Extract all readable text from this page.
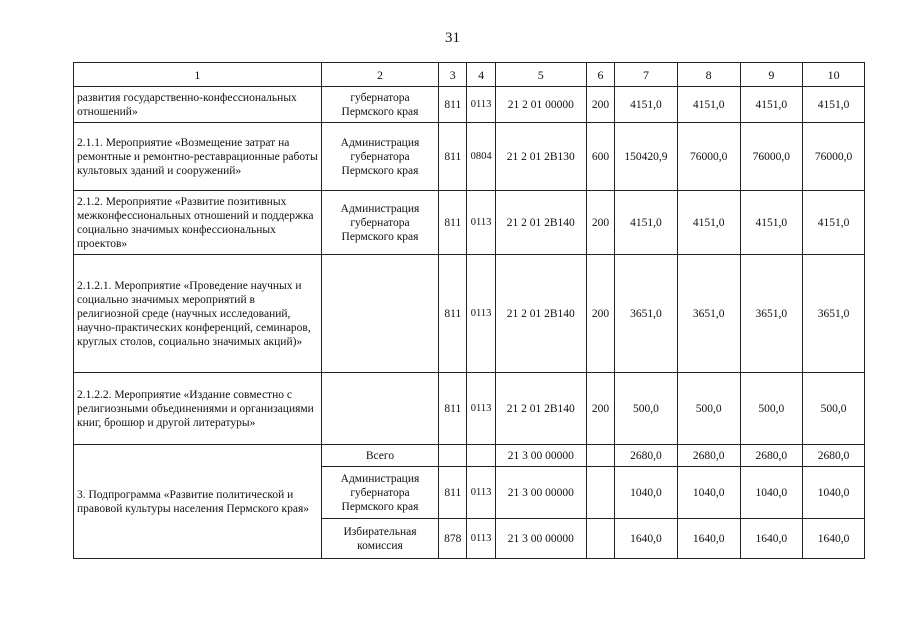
31
1	2	3	4	5	6	7	8	9	10
развития государственно-конфессиональных отношений»	губернатора Пермского края	811	0113	21 2 01 00000	200	4151,0	4151,0	4151,0	4151,0
2.1.1. Мероприятие «Возмещение затрат на ремонтные и ремонтно-реставрационные работы культовых зданий и сооружений»	Администрация губернатора Пермского края	811	0804	21 2 01 2В130	600	150420,9	76000,0	76000,0	76000,0
2.1.2. Мероприятие «Развитие позитивных межконфессиональных отношений и поддержка социально значимых конфессиональных проектов»	Администрация губернатора Пермского края	811	0113	21 2 01 2В140	200	4151,0	4151,0	4151,0	4151,0
2.1.2.1. Мероприятие «Проведение научных и социально значимых мероприятий в религиозной среде (научных исследований, научно-практических конференций, семинаров, круглых столов, социально значимых акций)»		811	0113	21 2 01 2В140	200	3651,0	3651,0	3651,0	3651,0
2.1.2.2. Мероприятие «Издание совместно с религиозными объединениями и организациями книг, брошюр и другой литературы»		811	0113	21 2 01 2В140	200	500,0	500,0	500,0	500,0
3. Подпрограмма «Развитие политической и правовой культуры населения Пермского края»	Всего			21 3 00 00000		2680,0	2680,0	2680,0	2680,0
	Администрация губернатора Пермского края	811	0113	21 3 00 00000		1040,0	1040,0	1040,0	1040,0
	Избирательная комиссия	878	0113	21 3 00 00000		1640,0	1640,0	1640,0	1640,0
